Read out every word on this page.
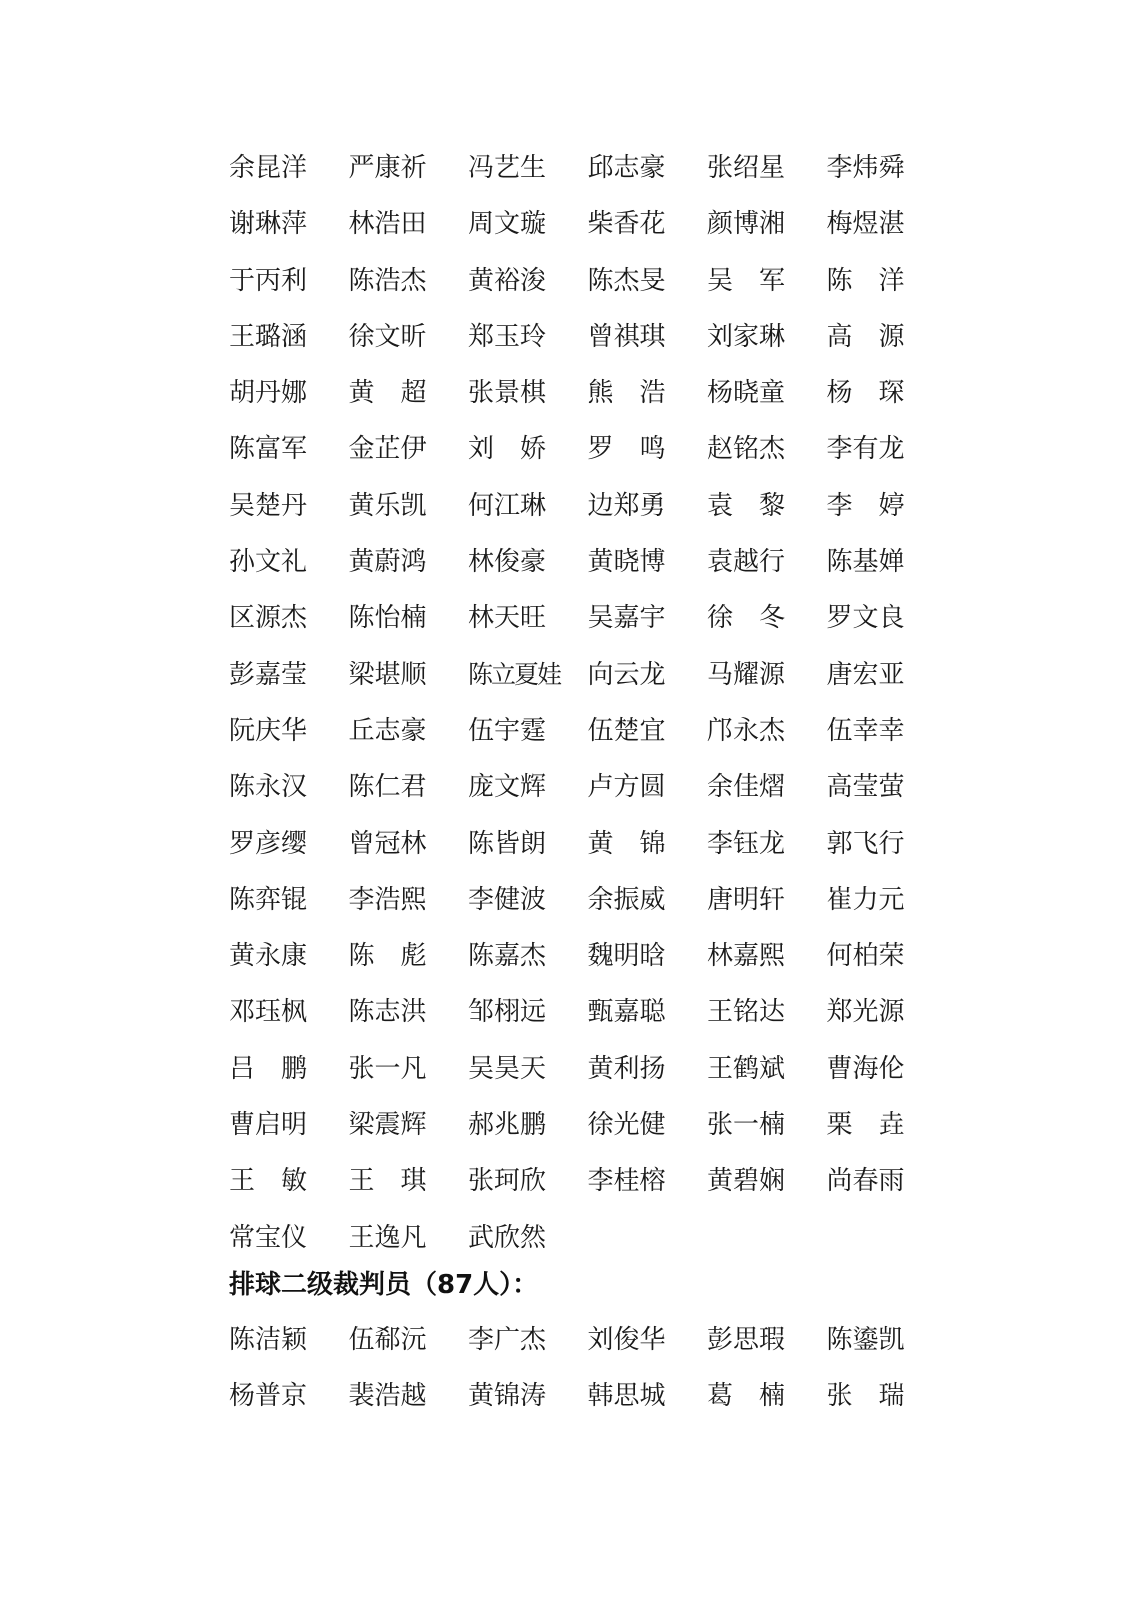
余昆洋	严康祈	冯艺生	邱志豪	张绍星	李炜舜
谢琳萍	林浩田	周文璇	柴香花	颜博湘	梅煜湛
于丙利	陈浩杰	黄裕浚	陈杰旻	吴　军	陈　洋
王璐涵	徐文昕	郑玉玲	曾祺琪	刘家琳	高　源
胡丹娜	黄　超	张景棋	熊　浩	杨晓童	杨　琛
陈富军	金芷伊	刘　娇	罗　鸣	赵铭杰	李有龙
吴楚丹	黄乐凯	何江琳	边郑勇	袁　黎	李　婷
孙文礼	黄蔚鸿	林俊豪	黄晓博	袁越行	陈基婵
区源杰	陈怡楠	林天旺	吴嘉宇	徐　冬	罗文良
彭嘉莹	梁堪顺	陈立夏娃	向云龙	马耀源	唐宏亚
阮庆华	丘志豪	伍宇霆	伍楚宜	邝永杰	伍幸幸
陈永汉	陈仁君	庞文辉	卢方圆	余佳熠	高莹萤
罗彦缨	曾冠林	陈皆朗	黄　锦	李钰龙	郭飞行
陈弈锟	李浩熙	李健波	余振威	唐明轩	崔力元
黄永康	陈　彪	陈嘉杰	魏明晗	林嘉熙	何柏荣
邓珏枫	陈志洪	邹栩远	甄嘉聪	王铭达	郑光源
吕　鹏	张一凡	吴昊天	黄利扬	王鹤斌	曹海伦
曹启明	梁震辉	郝兆鹏	徐光健	张一楠	栗　垚
王　敏	王　琪	张珂欣	李桂榕	黄碧娴	尚春雨
常宝仪	王逸凡	武欣然
排球二级裁判员（87人）：
陈洁颖	伍郗沅	李广杰	刘俊华	彭思瑕	陈鎏凯
杨普京	裴浩越	黄锦涛	韩思城	葛　楠	张　瑞
